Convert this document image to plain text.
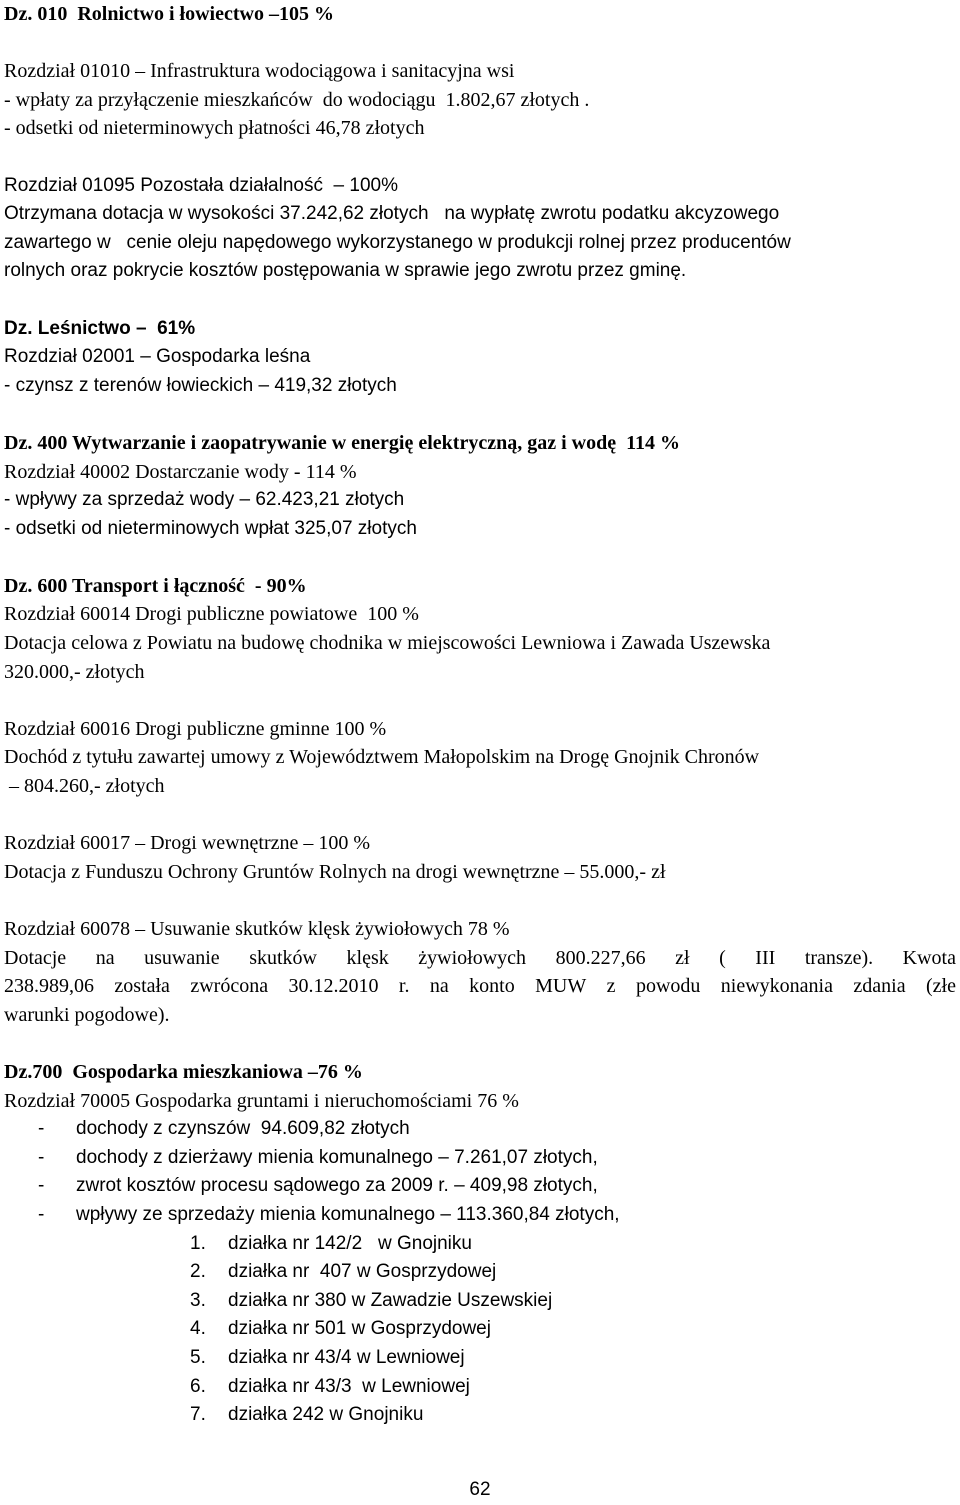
Dz. 010  Rolnictwo i łowiectwo –105 %
Rozdział 01010 – Infrastruktura wodociągowa i sanitacyjna wsi
- wpłaty za przyłączenie mieszkańców  do wodociągu  1.802,67 złotych .
- odsetki od nieterminowych płatności 46,78 złotych
Rozdział 01095 Pozostała działalność  – 100%
Otrzymana dotacja w wysokości 37.242,62 złotych   na wypłatę zwrotu podatku akcyzowego
zawartego w   cenie oleju napędowego wykorzystanego w produkcji rolnej przez producentów
rolnych oraz pokrycie kosztów postępowania w sprawie jego zwrotu przez gminę.
Dz. Leśnictwo –  61%
Rozdział 02001 – Gospodarka leśna
- czynsz z terenów łowieckich – 419,32 złotych
Dz. 400 Wytwarzanie i zaopatrywanie w energię elektryczną, gaz i wodę  114 %
Rozdział 40002 Dostarczanie wody - 114 %
- wpływy za sprzedaż wody – 62.423,21 złotych
- odsetki od nieterminowych wpłat 325,07 złotych
Dz. 600 Transport i łączność  - 90%
Rozdział 60014 Drogi publiczne powiatowe  100 %
Dotacja celowa z Powiatu na budowę chodnika w miejscowości Lewniowa i Zawada Uszewska
320.000,- złotych
Rozdział 60016 Drogi publiczne gminne 100 %
Dochód z tytułu zawartej umowy z Województwem Małopolskim na Drogę Gnojnik Chronów
– 804.260,- złotych
Rozdział 60017 – Drogi wewnętrzne – 100 %
Dotacja z Funduszu Ochrony Gruntów Rolnych na drogi wewnętrzne – 55.000,- zł
Rozdział 60078 – Usuwanie skutków klęsk żywiołowych 78 %
Dotacje na usuwanie skutków klęsk żywiołowych 800.227,66 zł ( III transze). Kwota
238.989,06 została zwrócona 30.12.2010 r. na konto MUW z powodu niewykonania zdania (złe
warunki pogodowe).
Dz.700  Gospodarka mieszkaniowa –76 %
Rozdział 70005 Gospodarka gruntami i nieruchomościami 76 %
-	dochody z czynszów  94.609,82 złotych
-	dochody z dzierżawy mienia komunalnego – 7.261,07 złotych,
-	zwrot kosztów procesu sądowego za 2009 r. – 409,98 złotych,
-	wpływy ze sprzedaży mienia komunalnego – 113.360,84 złotych,
1.	działka nr 142/2   w Gnojniku
2.	działka nr  407 w Gosprzydowej
3.	działka nr 380 w Zawadzie Uszewskiej
4.	działka nr 501 w Gosprzydowej
5.	działka nr 43/4 w Lewniowej
6.	działka nr 43/3  w Lewniowej
7.	działka 242 w Gnojniku
62
